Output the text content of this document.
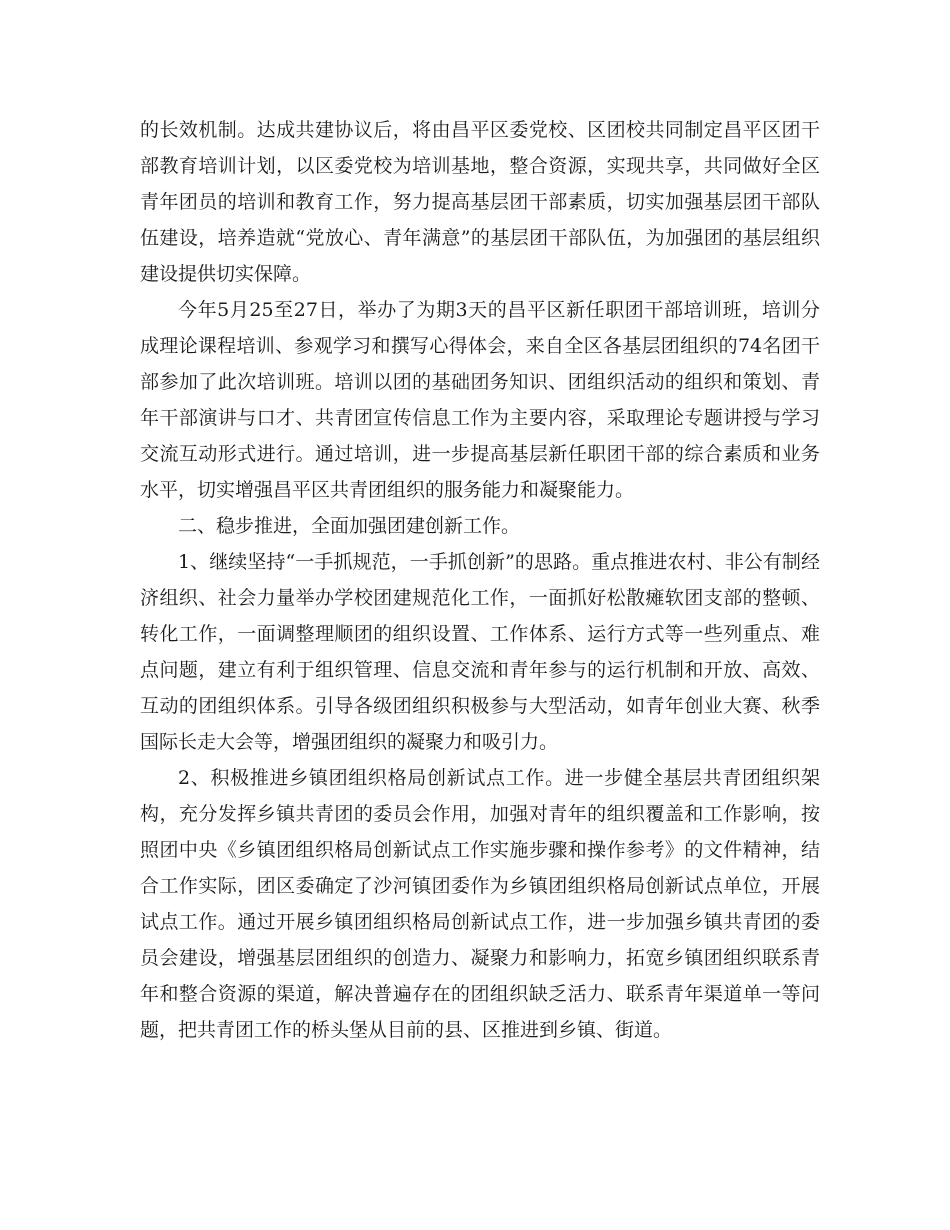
的长效机制。达成共建协议后，将由昌平区委党校、区团校共同制定昌平区团干部教育培训计划，以区委党校为培训基地，整合资源，实现共享，共同做好全区青年团员的培训和教育工作，努力提高基层团干部素质，切实加强基层团干部队伍建设，培养造就“党放心、青年满意”的基层团干部队伍，为加强团的基层组织建设提供切实保障。

今年5月25至27日，举办了为期3天的昌平区新任职团干部培训班，培训分成理论课程培训、参观学习和撰写心得体会，来自全区各基层团组织的74名团干部参加了此次培训班。培训以团的基础团务知识、团组织活动的组织和策划、青年干部演讲与口才、共青团宣传信息工作为主要内容，采取理论专题讲授与学习交流互动形式进行。通过培训，进一步提高基层新任职团干部的综合素质和业务水平，切实增强昌平区共青团组织的服务能力和凝聚能力。

二、稳步推进，全面加强团建创新工作。

1、继续坚持“一手抓规范，一手抓创新”的思路。重点推进农村、非公有制经济组织、社会力量举办学校团建规范化工作，一面抓好松散瘫软团支部的整顿、转化工作，一面调整理顺团的组织设置、工作体系、运行方式等一些列重点、难点问题，建立有利于组织管理、信息交流和青年参与的运行机制和开放、高效、互动的团组织体系。引导各级团组织积极参与大型活动，如青年创业大赛、秋季国际长走大会等，增强团组织的凝聚力和吸引力。

2、积极推进乡镇团组织格局创新试点工作。进一步健全基层共青团组织架构，充分发挥乡镇共青团的委员会作用，加强对青年的组织覆盖和工作影响，按照团中央《乡镇团组织格局创新试点工作实施步骤和操作参考》的文件精神，结合工作实际，团区委确定了沙河镇团委作为乡镇团组织格局创新试点单位，开展试点工作。通过开展乡镇团组织格局创新试点工作，进一步加强乡镇共青团的委员会建设，增强基层团组织的创造力、凝聚力和影响力，拓宽乡镇团组织联系青年和整合资源的渠道，解决普遍存在的团组织缺乏活力、联系青年渠道单一等问题，把共青团工作的桥头堡从目前的县、区推进到乡镇、街道。
